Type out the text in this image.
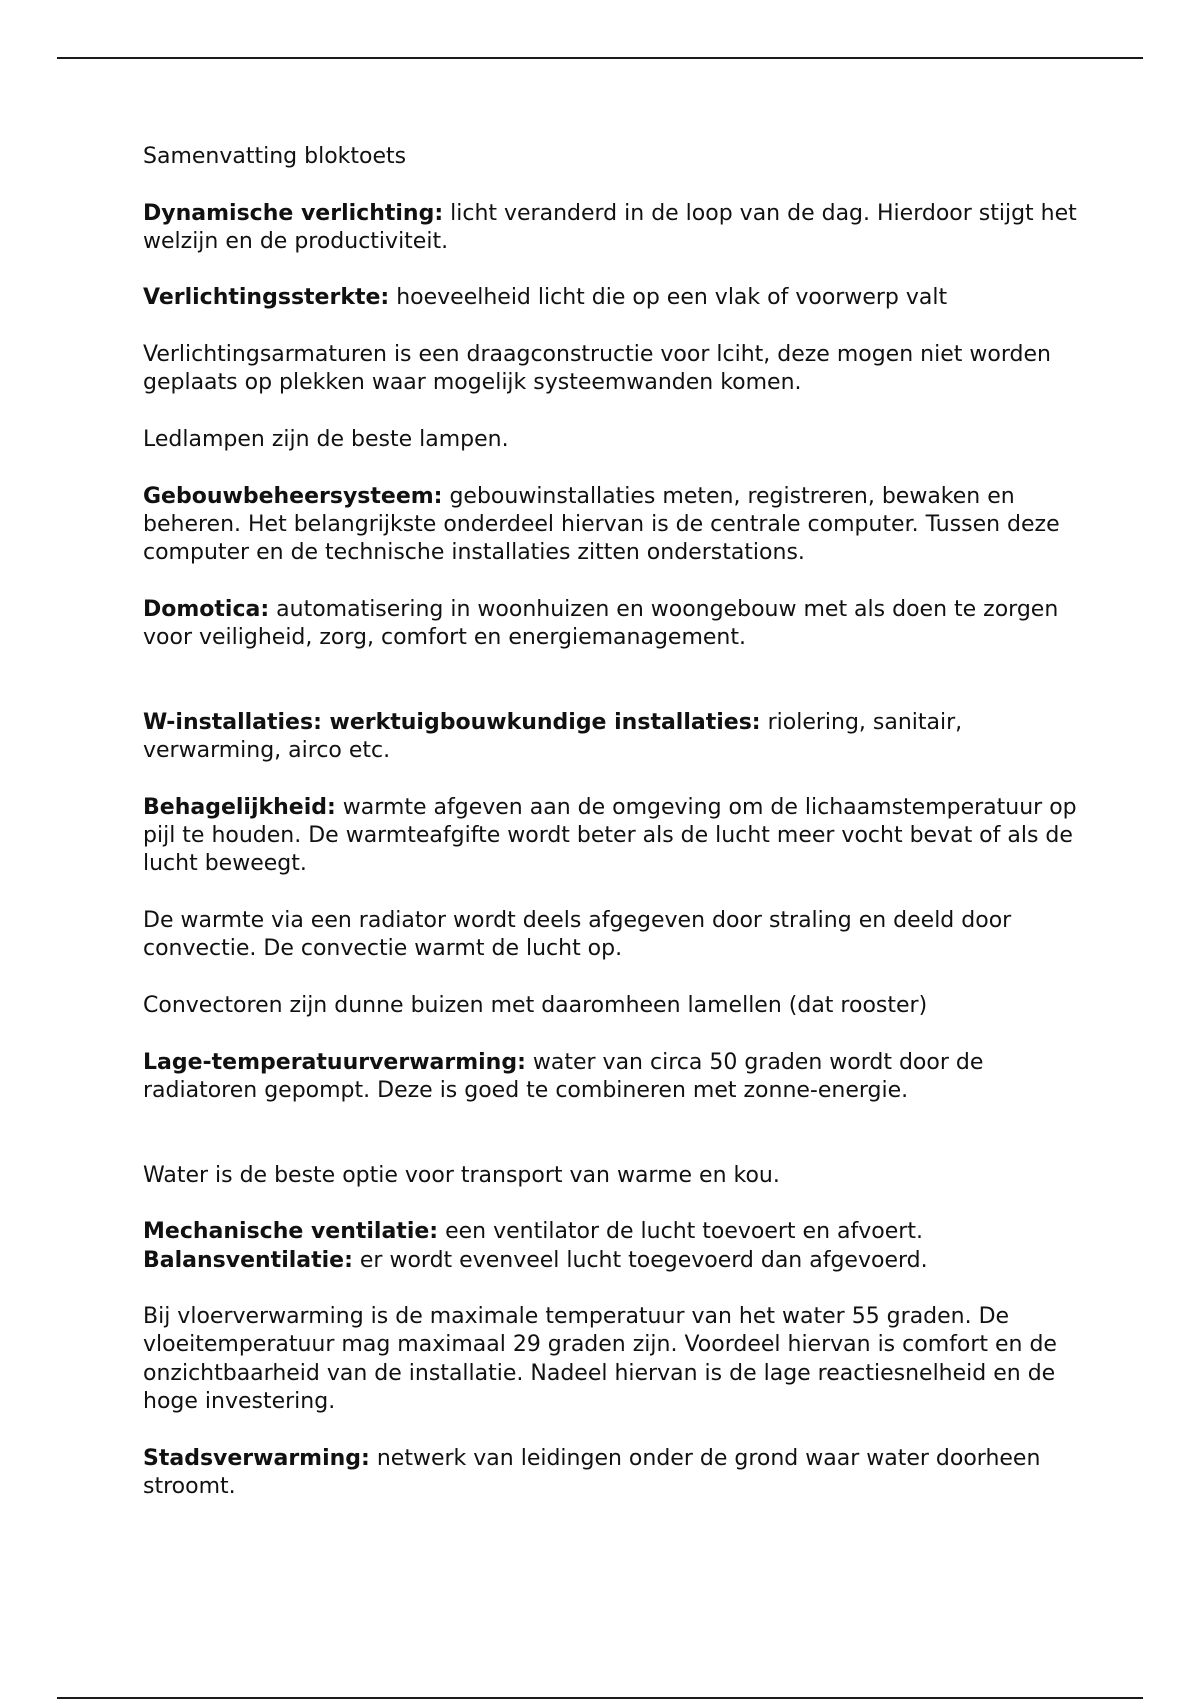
Samenvatting bloktoets

Dynamische verlichting: licht veranderd in de loop van de dag. Hierdoor stijgt het welzijn en de productiviteit.

Verlichtingssterkte: hoeveelheid licht die op een vlak of voorwerp valt

Verlichtingsarmaturen is een draagconstructie voor lciht, deze mogen niet worden geplaats op plekken waar mogelijk systeemwanden komen.

Ledlampen zijn de beste lampen.

Gebouwbeheersysteem: gebouwinstallaties meten, registreren, bewaken en beheren. Het belangrijkste onderdeel hiervan is de centrale computer. Tussen deze computer en de technische installaties zitten onderstations.

Domotica: automatisering in woonhuizen en woongebouw met als doen te zorgen voor veiligheid, zorg, comfort en energiemanagement.

W-installaties: werktuigbouwkundige installaties: riolering, sanitair, verwarming, airco etc.

Behagelijkheid: warmte afgeven aan de omgeving om de lichaamstemperatuur op pijl te houden. De warmteafgifte wordt beter als de lucht meer vocht bevat of als de lucht beweegt.

De warmte via een radiator wordt deels afgegeven door straling en deeld door convectie. De convectie warmt de lucht op.

Convectoren zijn dunne buizen met daaromheen lamellen (dat rooster)

Lage-temperatuurverwarming: water van circa 50 graden wordt door de radiatoren gepompt. Deze is goed te combineren met zonne-energie.

Water is de beste optie voor transport van warme en kou.

Mechanische ventilatie: een ventilator de lucht toevoert en afvoert.

Balansventilatie: er wordt evenveel lucht toegevoerd dan afgevoerd.

Bij vloerverwarming is de maximale temperatuur van het water 55 graden. De vloeitemperatuur mag maximaal 29 graden zijn. Voordeel hiervan is comfort en de onzichtbaarheid van de installatie. Nadeel hiervan is de lage reactiesnelheid en de hoge investering.

Stadsverwarming: netwerk van leidingen onder de grond waar water doorheen stroomt.
